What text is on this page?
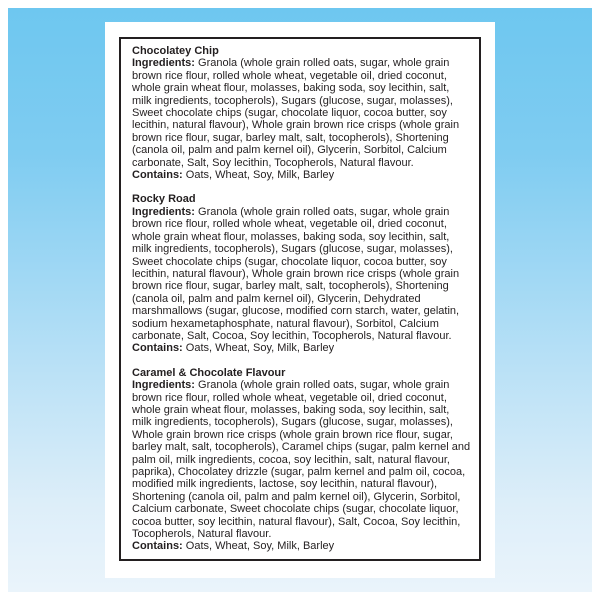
Chocolatey Chip

Ingredients: Granola (whole grain rolled oats, sugar, whole grain brown rice flour, rolled whole wheat, vegetable oil, dried coconut, whole grain wheat flour, molasses, baking soda, soy lecithin, salt, milk ingredients, tocopherols), Sugars (glucose, sugar, molasses), Sweet chocolate chips (sugar, chocolate liquor, cocoa butter, soy lecithin, natural flavour), Whole grain brown rice crisps (whole grain brown rice flour, sugar, barley malt, salt, tocopherols), Shortening (canola oil, palm and palm kernel oil), Glycerin, Sorbitol, Calcium carbonate, Salt, Soy lecithin, Tocopherols, Natural flavour.

Contains: Oats, Wheat, Soy, Milk, Barley

Rocky Road

Ingredients: Granola (whole grain rolled oats, sugar, whole grain brown rice flour, rolled whole wheat, vegetable oil, dried coconut, whole grain wheat flour, molasses, baking soda, soy lecithin, salt, milk ingredients, tocopherols), Sugars (glucose, sugar, molasses), Sweet chocolate chips (sugar, chocolate liquor, cocoa butter, soy lecithin, natural flavour), Whole grain brown rice crisps (whole grain brown rice flour, sugar, barley malt, salt, tocopherols), Shortening (canola oil, palm and palm kernel oil), Glycerin, Dehydrated marshmallows (sugar, glucose, modified corn starch, water, gelatin, sodium hexametaphosphate, natural flavour), Sorbitol, Calcium carbonate, Salt, Cocoa, Soy lecithin, Tocopherols, Natural flavour.

Contains: Oats, Wheat, Soy, Milk, Barley

Caramel & Chocolate Flavour

Ingredients: Granola (whole grain rolled oats, sugar, whole grain brown rice flour, rolled whole wheat, vegetable oil, dried coconut, whole grain wheat flour, molasses, baking soda, soy lecithin, salt, milk ingredients, tocopherols), Sugars (glucose, sugar, molasses), Whole grain brown rice crisps (whole grain brown rice flour, sugar, barley malt, salt, tocopherols), Caramel chips (sugar, palm kernel and palm oil, milk ingredients, cocoa, soy lecithin, salt, natural flavour, paprika), Chocolatey drizzle (sugar, palm kernel and palm oil, cocoa, modified milk ingredients, lactose, soy lecithin, natural flavour), Shortening (canola oil, palm and palm kernel oil), Glycerin, Sorbitol, Calcium carbonate, Sweet chocolate chips (sugar, chocolate liquor, cocoa butter, soy lecithin, natural flavour), Salt, Cocoa, Soy lecithin, Tocopherols, Natural flavour.

Contains: Oats, Wheat, Soy, Milk, Barley
